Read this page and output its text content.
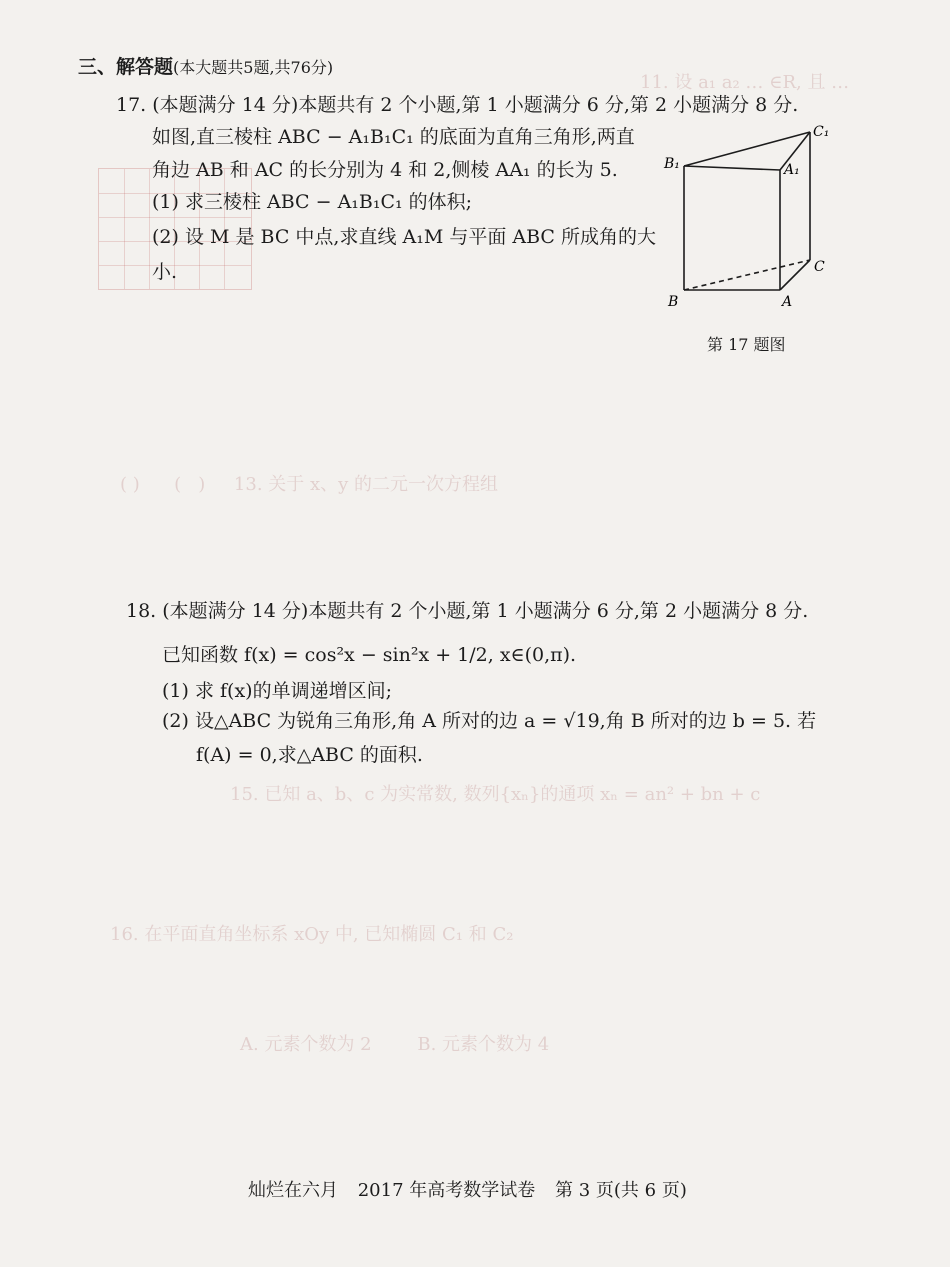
11. 设 a₁ a₂ … ∈R, 且 …
( )      (   )     13. 关于 x、y 的二元一次方程组
15. 已知 a、b、c 为实常数, 数列{xₙ}的通项 xₙ = an² + bn + c
16. 在平面直角坐标系 xOy 中, 已知椭圆 C₁ 和 C₂
A. 元素个数为 2        B. 元素个数为 4
三、解答题(本大题共5题,共76分)
17. (本题满分 14 分)本题共有 2 个小题,第 1 小题满分 6 分,第 2 小题满分 8 分.
如图,直三棱柱 ABC − A₁B₁C₁ 的底面为直角三角形,两直
角边 AB 和 AC 的长分别为 4 和 2,侧棱 AA₁ 的长为 5.
(1) 求三棱柱 ABC − A₁B₁C₁ 的体积;
(2) 设 M 是 BC 中点,求直线 A₁M 与平面 ABC 所成角的大
小.
C₁
B₁	A₁
C
B	A
第 17 题图
18. (本题满分 14 分)本题共有 2 个小题,第 1 小题满分 6 分,第 2 小题满分 8 分.
已知函数 f(x) = cos²x − sin²x + 1/2, x∈(0,π).
(1) 求 f(x)的单调递增区间;
(2) 设△ABC 为锐角三角形,角 A 所对的边 a = √19,角 B 所对的边 b = 5. 若
f(A) = 0,求△ABC 的面积.
灿烂在六月 2017 年高考数学试卷 第 3 页(共 6 页)
